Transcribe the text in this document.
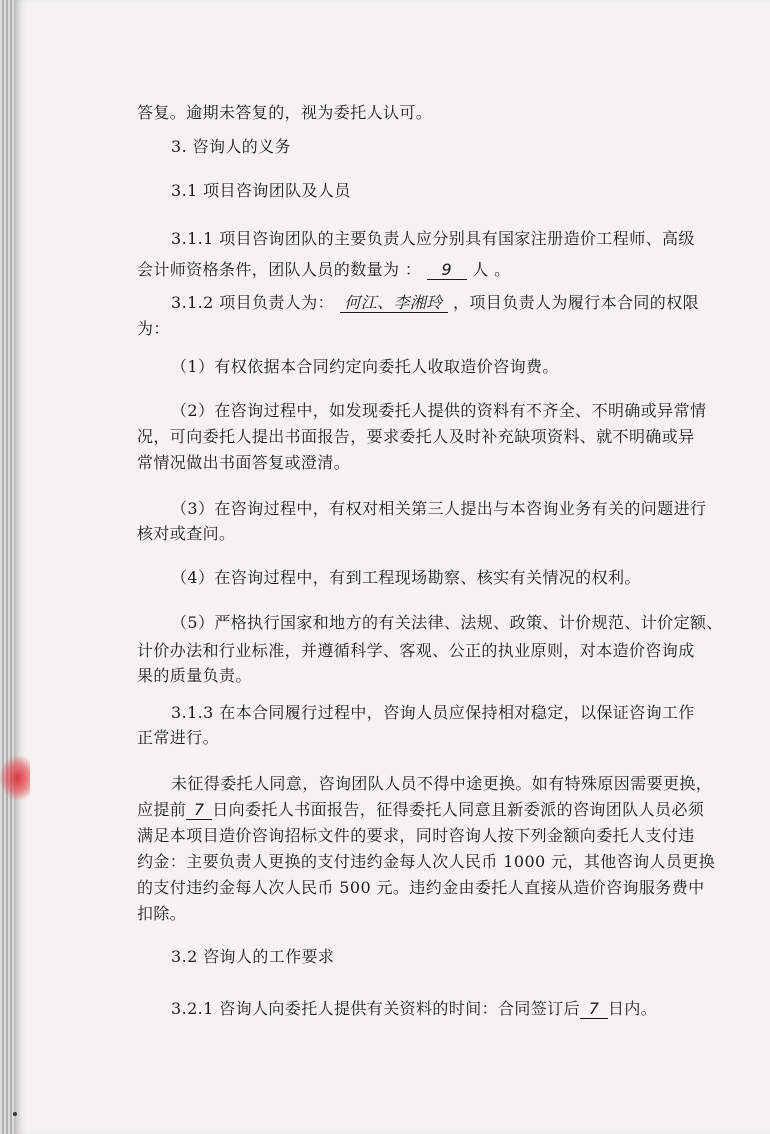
答复。逾期未答复的，视为委托人认可。
3. 咨询人的义务
3.1 项目咨询团队及人员
3.1.1 项目咨询团队的主要负责人应分别具有国家注册造价工程师、高级
会计师资格条件，团队人员的数量为 ： 9 人 。
3.1.2 项目负责人为： 何江、李湘玲 ，项目负责人为履行本合同的权限
为：
（1）有权依据本合同约定向委托人收取造价咨询费。
（2）在咨询过程中，如发现委托人提供的资料有不齐全、不明确或异常情
况，可向委托人提出书面报告，要求委托人及时补充缺项资料、就不明确或异
常情况做出书面答复或澄清。
（3）在咨询过程中，有权对相关第三人提出与本咨询业务有关的问题进行
核对或查问。
（4）在咨询过程中，有到工程现场勘察、核实有关情况的权利。
（5）严格执行国家和地方的有关法律、法规、政策、计价规范、计价定额、
计价办法和行业标准，并遵循科学、客观、公正的执业原则，对本造价咨询成
果的质量负责。
3.1.3 在本合同履行过程中，咨询人员应保持相对稳定，以保证咨询工作
正常进行。
未征得委托人同意，咨询团队人员不得中途更换。如有特殊原因需要更换，
应提前 7 日向委托人书面报告，征得委托人同意且新委派的咨询团队人员必须
满足本项目造价咨询招标文件的要求，同时咨询人按下列金额向委托人支付违
约金：主要负责人更换的支付违约金每人次人民币 1000 元，其他咨询人员更换
的支付违约金每人次人民币 500 元。违约金由委托人直接从造价咨询服务费中
扣除。
3.2 咨询人的工作要求
3.2.1 咨询人向委托人提供有关资料的时间：合同签订后 7 日内。
